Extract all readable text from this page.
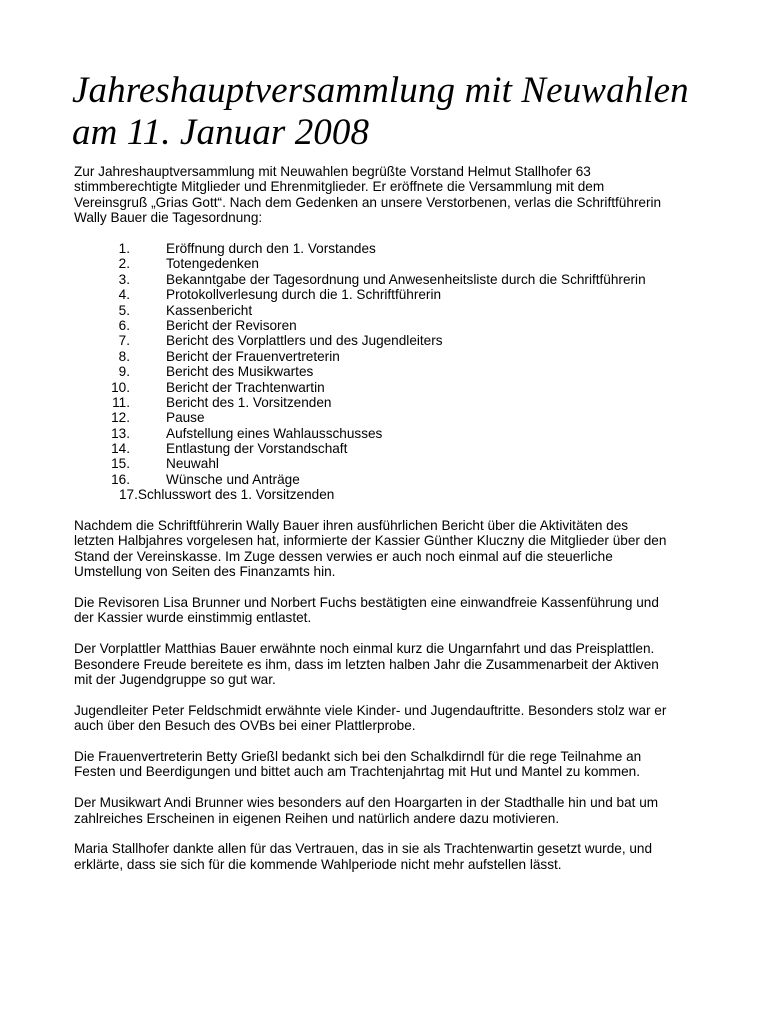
Jahreshauptversammlung mit Neuwahlen
am 11. Januar 2008

Zur Jahreshauptversammlung mit Neuwahlen begrüßte Vorstand Helmut Stallhofer 63
stimmberechtigte Mitglieder und Ehrenmitglieder. Er eröffnete die Versammlung mit dem
Vereinsgruß „Grias Gott“. Nach dem Gedenken an unsere Verstorbenen, verlas die Schriftführerin
Wally Bauer die Tagesordnung:

1.	Eröffnung durch den 1. Vorstandes
2.	Totengedenken
3.	Bekanntgabe der Tagesordnung und Anwesenheitsliste durch die Schriftführerin
4.	Protokollverlesung durch die 1. Schriftführerin
5.	Kassenbericht
6.	Bericht der Revisoren
7.	Bericht des Vorplattlers und des Jugendleiters
8.	Bericht der Frauenvertreterin
9.	Bericht des Musikwartes
10.	Bericht der Trachtenwartin
11.	Bericht des 1. Vorsitzenden
12.	Pause
13.	Aufstellung eines Wahlausschusses
14.	Entlastung der Vorstandschaft
15.	Neuwahl
16.	Wünsche und Anträge
17.Schlusswort des 1. Vorsitzenden

Nachdem die Schriftführerin Wally Bauer ihren ausführlichen Bericht über die Aktivitäten des
letzten Halbjahres vorgelesen hat, informierte der Kassier Günther Kluczny die Mitglieder über den
Stand der Vereinskasse. Im Zuge dessen verwies er auch noch einmal auf die steuerliche
Umstellung von Seiten des Finanzamts hin.

Die Revisoren Lisa Brunner und Norbert Fuchs bestätigten eine einwandfreie Kassenführung und
der Kassier wurde einstimmig entlastet.

Der Vorplattler Matthias Bauer erwähnte noch einmal kurz die Ungarnfahrt und das Preisplattlen.
Besondere Freude bereitete es ihm, dass im letzten halben Jahr die Zusammenarbeit der Aktiven
mit der Jugendgruppe so gut war.

Jugendleiter Peter Feldschmidt erwähnte viele Kinder- und Jugendauftritte. Besonders stolz war er
auch über den Besuch des OVBs bei einer Plattlerprobe.

Die Frauenvertreterin Betty Grießl bedankt sich bei den Schalkdirndl für die rege Teilnahme an
Festen und Beerdigungen und bittet auch am Trachtenjahrtag mit Hut und Mantel zu kommen.

Der Musikwart Andi Brunner wies besonders auf den Hoargarten in der Stadthalle hin und bat um
zahlreiches Erscheinen in eigenen Reihen und natürlich andere dazu motivieren.

Maria Stallhofer dankte allen für das Vertrauen, das in sie als Trachtenwartin gesetzt wurde, und
erklärte, dass sie sich für die kommende Wahlperiode nicht mehr aufstellen lässt.
